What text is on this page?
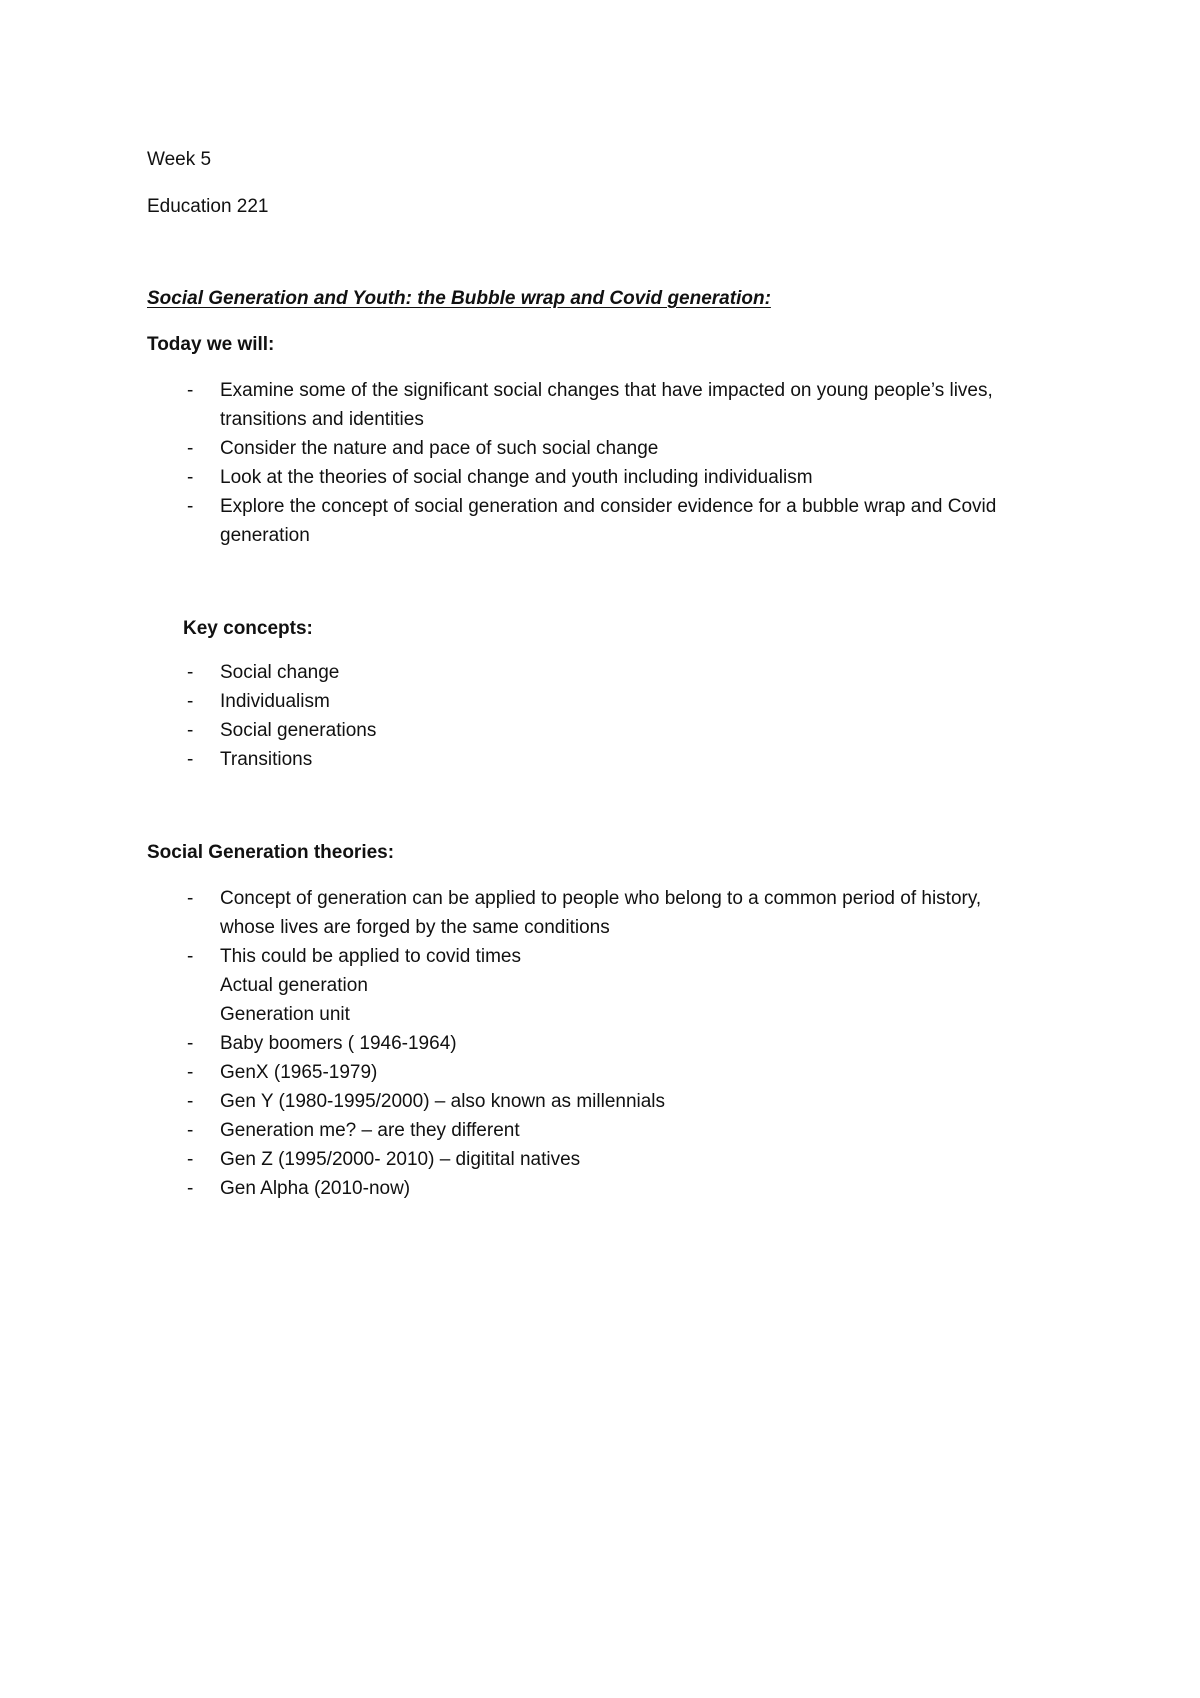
Week 5
Education 221
Social Generation and Youth: the Bubble wrap and Covid generation:
Today we will:
-	Examine some of the significant social changes that have impacted on young people’s lives,
transitions and identities
-	Consider the nature and pace of such social change
-	Look at the theories of social change and youth including individualism
-	Explore the concept of social generation and consider evidence for a bubble wrap and Covid
generation
Key concepts:
-	Social change
-	Individualism
-	Social generations
-	Transitions
Social Generation theories:
-	Concept of generation can be applied to people who belong to a common period of history,
whose lives are forged by the same conditions
-	This could be applied to covid times
Actual generation
Generation unit
-	Baby boomers ( 1946-1964)
-	GenX (1965-1979)
-	Gen Y (1980-1995/2000) – also known as millennials
-	Generation me? – are they different
-	Gen Z (1995/2000- 2010) – digitital natives
-	Gen Alpha (2010-now)
